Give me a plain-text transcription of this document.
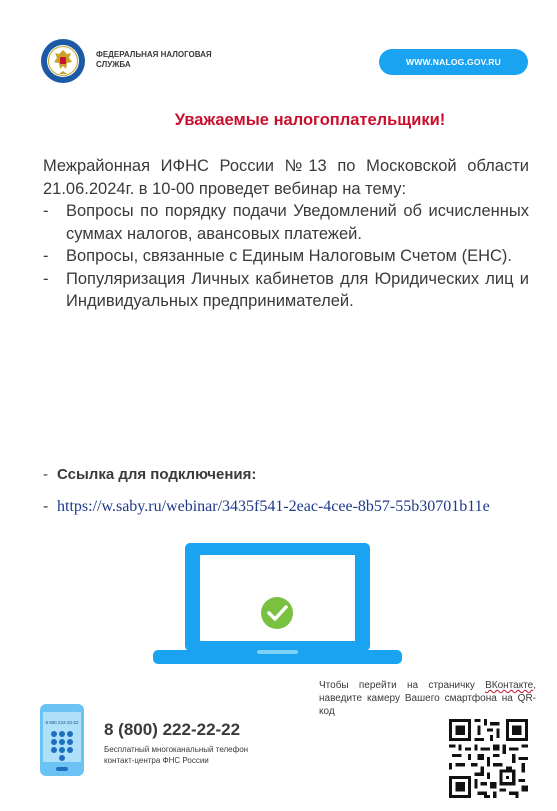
ФЕДЕРАЛЬНАЯ НАЛОГОВАЯ СЛУЖБА	WWW.NALOG.GOV.RU
Уважаемые налогоплательщики!

Межрайонная ИФНС России №13 по Московской области 21.06.2024г. в 10-00 проведет вебинар на тему:

- Вопросы по порядку подачи Уведомлений об исчисленных суммах налогов, авансовых платежей.
- Вопросы, связанные с Единым Налоговым Счетом (ЕНС).
- Популяризация Личных кабинетов для Юридических лиц и Индивидуальных предпринимателей.
- Ссылка для подключения:
- https://w.saby.ru/webinar/3435f541-2eac-4cee-8b57-55b30701b11e
8 800 222-22-22 8 (800) 222-22-22
Бесплатный многоканальный телефон
контакт-центра ФНС России
Чтобы перейти на страничку ВКонтакте, наведите камеру Вашего смартфона на QR-код
